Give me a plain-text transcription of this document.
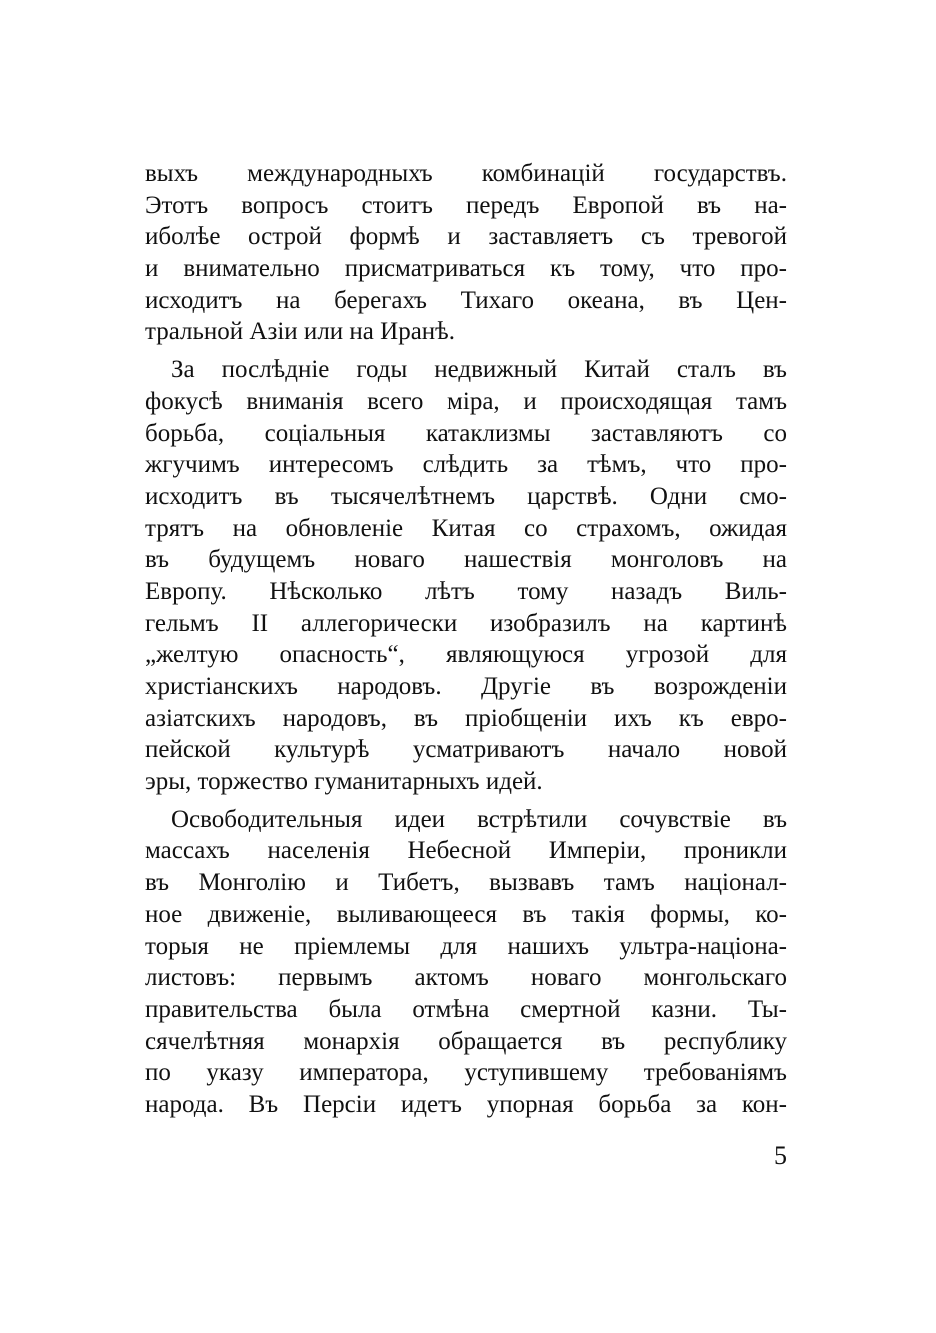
выхъ международныхъ комбинацій государствъ.
Этотъ вопросъ стоитъ передъ Европой въ на-
иболѣе острой формѣ и заставляетъ съ тревогой
и внимательно присматриваться къ тому, что про-
исходитъ на берегахъ Тихаго океана, въ Цен-
тральной Азіи или на Иранѣ.
За послѣдніе годы недвижный Китай сталъ въ
фокусѣ вниманія всего міра, и происходящая тамъ
борьба, соціальныя катаклизмы заставляютъ со
жгучимъ интересомъ слѣдить за тѣмъ, что про-
исходитъ въ тысячелѣтнемъ царствѣ. Одни смо-
трятъ на обновленіе Китая со страхомъ, ожидая
въ будущемъ новаго нашествія монголовъ на
Европу. Нѣсколько лѣтъ тому назадъ Виль-
гельмъ II аллегорически изобразилъ на картинѣ
„желтую опасность“, являющуюся угрозой для
христіанскихъ народовъ. Другіе въ возрожденіи
азіатскихъ народовъ, въ пріобщеніи ихъ къ евро-
пейской культурѣ усматриваютъ начало новой
эры, торжество гуманитарныхъ идей.
Освободительныя идеи встрѣтили сочувствіе въ
массахъ населенія Небесной Имперіи, проникли
въ Монголію и Тибетъ, вызвавъ тамъ націонал-
ное движеніе, выливающееся въ такія формы, ко-
торыя не пріемлемы для нашихъ ультра-націона-
листовъ: первымъ актомъ новаго монгольскаго
правительства была отмѣна смертной казни. Ты-
сячелѣтняя монархія обращается въ республику
по указу императора, уступившему требованіямъ
народа. Въ Персіи идетъ упорная борьба за кон-
5
